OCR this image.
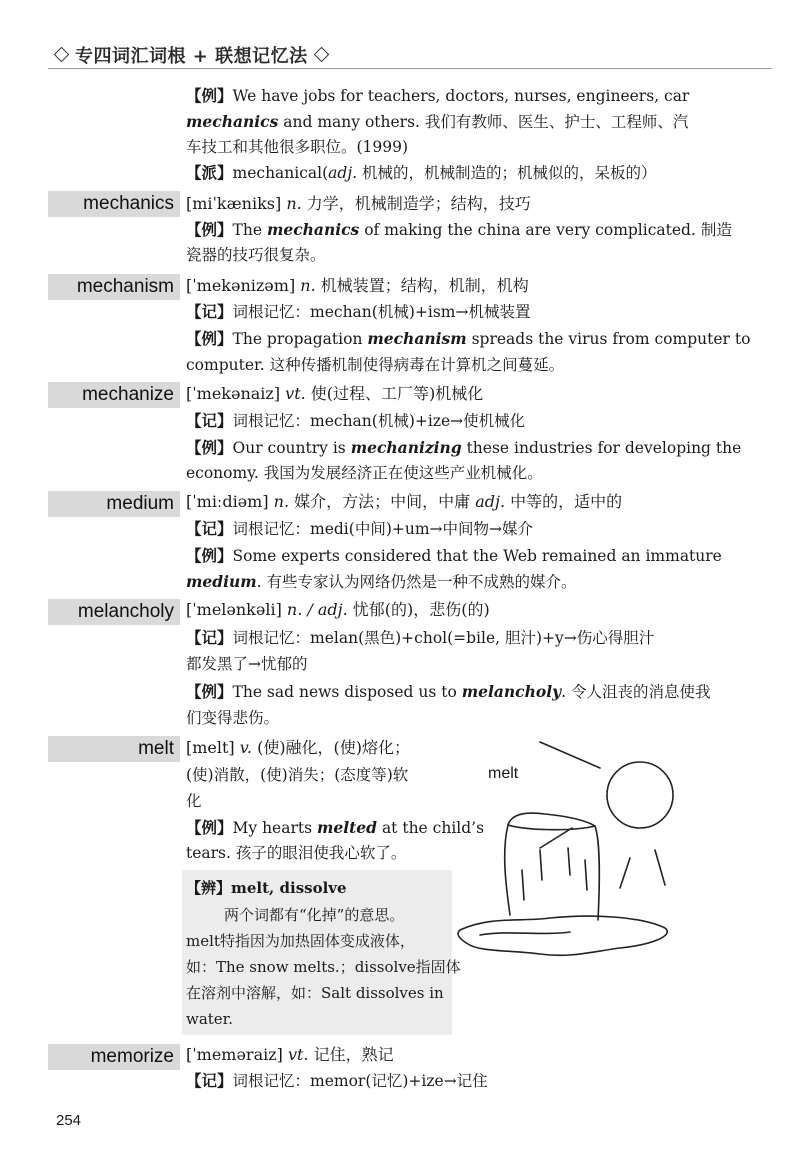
专四词汇词根 + 联想记忆法
【例】We have jobs for teachers, doctors, nurses, engineers, car
mechanics and many others. 我们有教师、医生、护士、工程师、汽
车技工和其他很多职位。(1999)
【派】mechanical(adj. 机械的，机械制造的；机械似的，呆板的）
mechanics [miˈkæniks] n. 力学，机械制造学；结构，技巧
【例】The mechanics of making the china are very complicated. 制造
瓷器的技巧很复杂。
mechanism [ˈmekənizəm] n. 机械装置；结构，机制，机构
【记】词根记忆：mechan(机械)+ism→机械装置
【例】The propagation mechanism spreads the virus from computer to
computer. 这种传播机制使得病毒在计算机之间蔓延。
mechanize [ˈmekənaiz] vt. 使(过程、工厂等)机械化
【记】词根记忆：mechan(机械)+ize→使机械化
【例】Our country is mechanizing these industries for developing the
economy. 我国为发展经济正在使这些产业机械化。
medium [ˈmiːdiəm] n. 媒介，方法；中间，中庸 adj. 中等的，适中的
【记】词根记忆：medi(中间)+um→中间物→媒介
【例】Some experts considered that the Web remained an immature
medium. 有些专家认为网络仍然是一种不成熟的媒介。
melancholy [ˈmelənkəli] n. / adj. 忧郁(的)，悲伤(的)
【记】词根记忆：melan(黑色)+chol(=bile, 胆汁)+y→伤心得胆汁
都发黑了→忧郁的
【例】The sad news disposed us to melancholy. 令人沮丧的消息使我
们变得悲伤。
melt [melt] v. (使)融化，(使)熔化；
(使)消散，(使)消失；(态度等)软
化
【例】My hearts melted at the child’s
tears. 孩子的眼泪使我心软了。
【辨】melt, dissolve
两个词都有“化掉”的意思。
melt特指因为加热固体变成液体，
如：The snow melts.；dissolve指固体
在溶剂中溶解，如：Salt dissolves in
water.
melt
memorize [ˈmeməraiz] vt. 记住，熟记
【记】词根记忆：memor(记忆)+ize→记住
254
